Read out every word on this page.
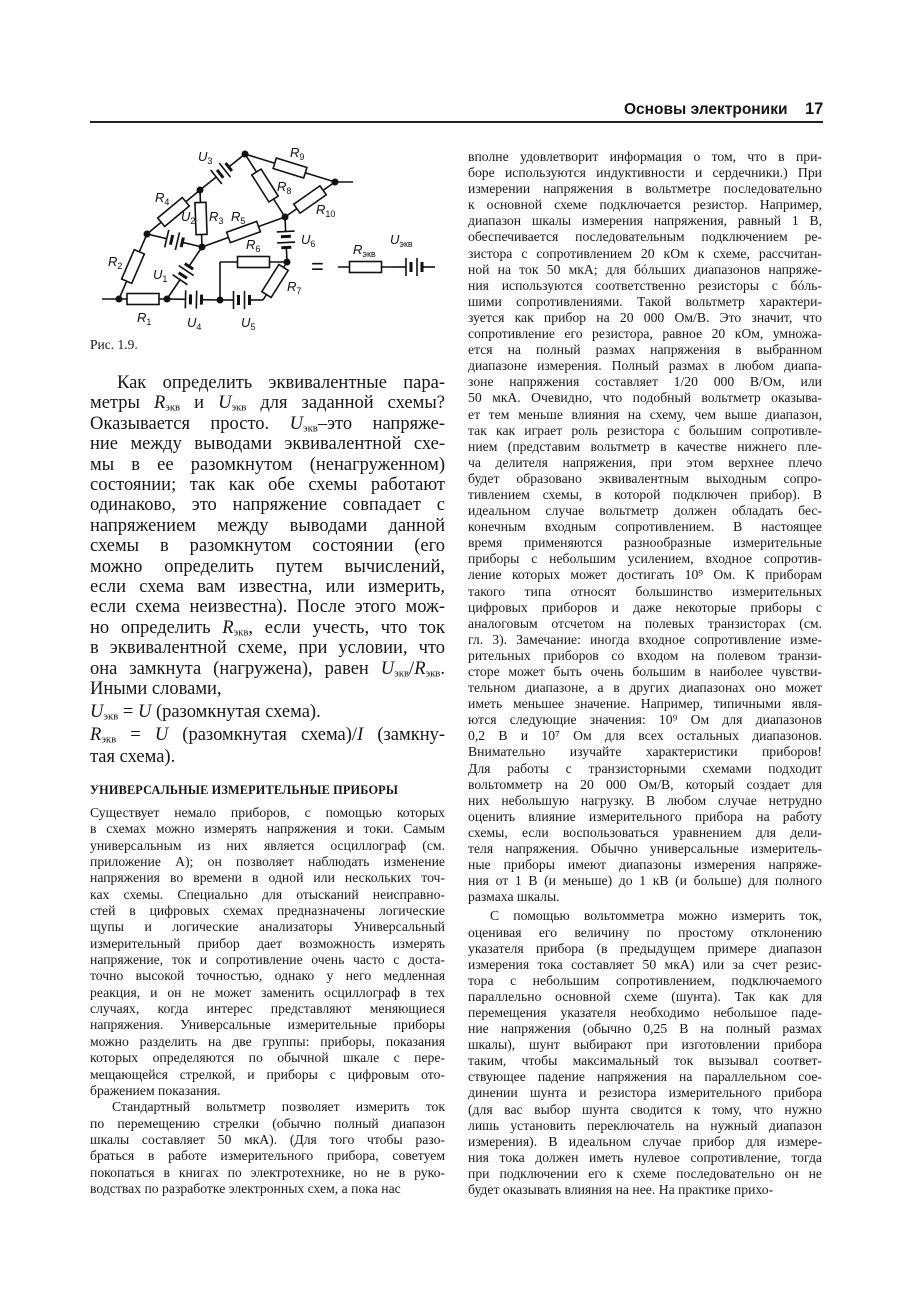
Основы электроники 17
$U_3$
$R_9$
$R_8$
$R_{10}$
$R_4$
$U_2$ $R_3$ $R_5$
$U_6$
$R_6$
$R_2$
$U_1$	$R_7$
$R_1$	$U_4$	$U_5$
$R_{экв}$
$U_{экв}$
=
Рис. 1.9.
Как определить эквивалентные пара-
метры $R_{экв}$ и $U_{экв}$ для заданной схемы?
Оказывается просто. $U_{экв}$–это напряже-
ние между выводами эквивалентной схе-
мы в ее разомкнутом (ненагруженном)
состоянии; так как обе схемы работают
одинаково, это напряжение совпадает с
напряжением между выводами данной
схемы в разомкнутом состоянии (его
можно определить путем вычислений,
если схема вам известна, или измерить,
если схема неизвестна). После этого мож-
но определить $R_{экв}$, если учесть, что ток
в эквивалентной схеме, при условии, что
она замкнута (нагружена), равен $U_{экв}/R_{экв}$.
Иными словами,
$U_{экв} = U$ (разомкнутая схема).
$R_{экв} = U$ (разомкнутая схема)/I (замкну-
тая схема).
УНИВЕРСАЛЬНЫЕ ИЗМЕРИТЕЛЬНЫЕ ПРИБОРЫ
Существует немало приборов, с помощью которых
в схемах можно измерять напряжения и токи. Самым
универсальным из них является осциллограф (см.
приложение А); он позволяет наблюдать изменение
напряжения во времени в одной или нескольких точ-
ках схемы. Специально для отысканий неисправно-
стей в цифровых схемах предназначены логические
щупы и логические анализаторы Универсальный
измерительный прибор дает возможность измерять
напряжение, ток и сопротивление очень часто с доста-
точно высокой точностью, однако у него медленная
реакция, и он не может заменить осциллограф в тех
случаях, когда интерес представляют меняющиеся
напряжения. Универсальные измерительные приборы
можно разделить на две группы: приборы, показания
которых определяются по обычной шкале с пере-
мещающейся стрелкой, и приборы с цифровым ото-
бражением показания.
Стандартный вольтметр позволяет измерить ток
по перемещению стрелки (обычно полный диапазон
шкалы составляет 50 мкА). (Для того чтобы разо-
браться в работе измерительного прибора, советуем
покопаться в книгах по электротехнике, но не в руко-
водствах по разработке электронных схем, а пока нас
вполне удовлетворит информация о том, что в при-
боре используются индуктивности и сердечники.) При
измерении напряжения в вольтметре последовательно
к основной схеме подключается резистор. Например,
диапазон шкалы измерения напряжения, равный 1 В,
обеспечивается последовательным подключением ре-
зистора с сопротивлением 20 кОм к схеме, рассчитан-
ной на ток 50 мкА; для бóльших диапазонов напряже-
ния используются соответственно резисторы с бóль-
шими сопротивлениями. Такой вольтметр характери-
зуется как прибор на 20 000 Ом/В. Это значит, что
сопротивление его резистора, равное 20 кОм, умножа-
ется на полный размах напряжения в выбранном
диапазоне измерения. Полный размах в любом диапа-
зоне напряжения составляет 1/20 000 В/Ом, или
50 мкА. Очевидно, что подобный вольтметр оказыва-
ет тем меньше влияния на схему, чем выше диапазон,
так как играет роль резистора с большим сопротивле-
нием (представим вольтметр в качестве нижнего пле-
ча делителя напряжения, при этом верхнее плечо
будет образовано эквивалентным выходным сопро-
тивлением схемы, в которой подключен прибор). В
идеальном случае вольтметр должен обладать бес-
конечным входным сопротивлением. В настоящее
время применяются разнообразные измерительные
приборы с небольшим усилением, входное сопротив-
ление которых может достигать 10⁹ Ом. К приборам
такого типа относят большинство измерительных
цифровых приборов и даже некоторые приборы с
аналоговым отсчетом на полевых транзисторах (см.
гл. 3). Замечание: иногда входное сопротивление изме-
рительных приборов со входом на полевом транзи-
сторе может быть очень большим в наиболее чувстви-
тельном диапазоне, а в других диапазонах оно может
иметь меньшее значение. Например, типичными явля-
ются следующие значения: 10⁹ Ом для диапазонов
0,2 В и 10⁷ Ом для всех остальных диапазонов.
Внимательно изучайте характеристики приборов!
Для работы с транзисторными схемами подходит
вольтомметр на 20 000 Ом/В, который создает для
них небольшую нагрузку. В любом случае нетрудно
оценить влияние измерительного прибора на работу
схемы, если воспользоваться уравнением для дели-
теля напряжения. Обычно универсальные измеритель-
ные приборы имеют диапазоны измерения напряже-
ния от 1 В (и меньше) до 1 кВ (и больше) для полного
размаха шкалы.
С помощью вольтомметра можно измерить ток,
оценивая его величину по простому отклонению
указателя прибора (в предыдущем примере диапазон
измерения тока составляет 50 мкА) или за счет резис-
тора с небольшим сопротивлением, подключаемого
параллельно основной схеме (шунта). Так как для
перемещения указателя необходимо небольшое паде-
ние напряжения (обычно 0,25 В на полный размах
шкалы), шунт выбирают при изготовлении прибора
таким, чтобы максимальный ток вызывал соответ-
ствующее падение напряжения на параллельном сое-
динении шунта и резистора измерительного прибора
(для вас выбор шунта сводится к тому, что нужно
лишь установить переключатель на нужный диапазон
измерения). В идеальном случае прибор для измере-
ния тока должен иметь нулевое сопротивление, тогда
при подключении его к схеме последовательно он не
будет оказывать влияния на нее. На практике прихо-
